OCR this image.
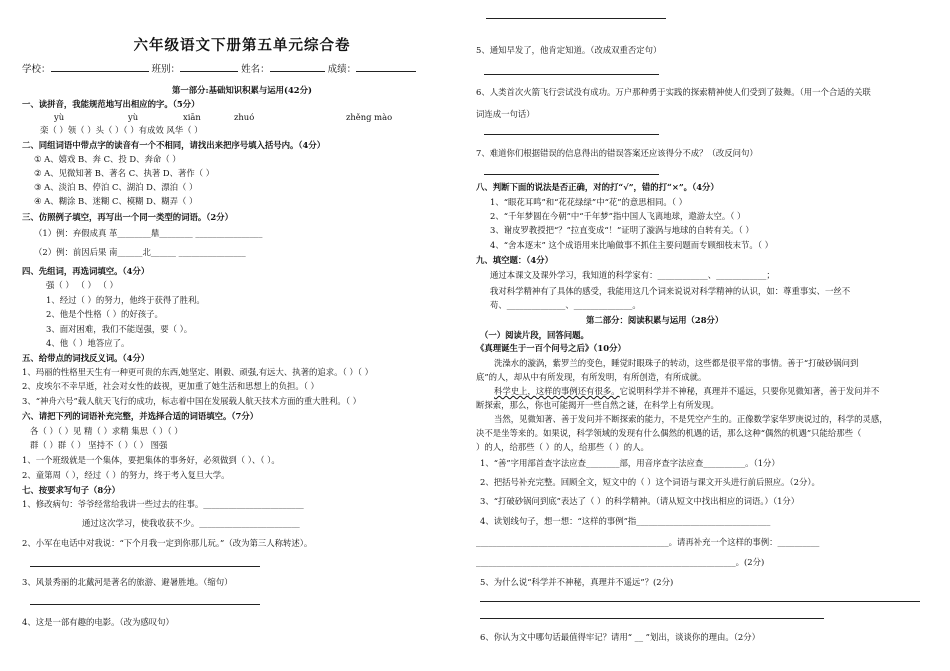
六年级语文下册第五单元综合卷
学校：	班别：	姓名：	成绩：
第一部分:基础知识积累与运用(42分)
一、读拼音，我能规范地写出相应的字。（5分）
yù	yù	xiān	zhuó	zhěng mào
栾（ ）领（ ）头（ ）（ ）有成效 风华（ ）
二、同组词语中带点字的读音有一个不相同，请找出来把序号填入括号内。（4分）
① A、嬉戏 B、奔 C、投 D、奔命（ ）
② A、见微知著 B、著名 C、执著 D、著作（ ）
③ A、淡泊 B、停泊 C、湖泊 D、漂泊（ ）
④ A、糊涂 B、迷糊 C、模糊 D、糊弄（ ）
三、仿照例子填空，再写出一个同一类型的词语。（2分）
（1）例：弃假成真 革________鼎________ ________________
（2）例：前因后果 南______北______ ________________
四、先组词，再选词填空。（4分）
强（ ） （ ） （ ）
1、经过（ ）的努力，他终于获得了胜利。
2、他是个性格（ ）的好孩子。
3、面对困难，我们不能逞强，要（ ）。
4、他（ ）地答应了。
五、给带点的词找反义词。（4分）
1、玛丽的性格里天生有一种更可贵的东西,她坚定、刚毅、顽强,有远大、执著的追求。（ ）（ ）
2、皮埃尔不幸早逝，社会对女性的歧视，更加重了她生活和思想上的负担。（ ）
3、“神舟六号”载人航天飞行的成功，标志着中国在发展载人航天技术方面的重大胜利。（ ）
六、请把下列的词语补充完整，并选择合适的词语填空。（7分）
各（ ）（ ）见 精（ ）求精 集思（ ）（ ）
群（ ）群（ ） 坚持不（ ）（ ） 图强
1、一个班级就是一个集体，要把集体的事务好，必须做到（ ）、（ ）。
2、童第周（ ），经过（ ）的努力，终于考入复旦大学。
七、按要求写句子（8分）
1、修改病句：爷爷经常给我讲一些过去的往事。________________________
通过这次学习，使我收获不少。________________________
2、小军在电话中对我说：“下个月我一定到你那儿玩。”（改为第三人称转述）。
3、风景秀丽的北戴河是著名的旅游、避暑胜地。（缩句）
4、这是一部有趣的电影。（改为感叹句）
5、通知早发了，他肯定知道。（改成双重否定句）
6、人类首次火箭飞行尝试没有成功。万户那种勇于实践的探索精神使人们受到了鼓舞。（用一个合适的关联
词连成一句话）
7、难道你们根据错误的信息得出的错误答案还应该得分不成？（改反问句）
八、判断下面的说法是否正确，对的打“√”，错的打“×”。（4分）
1、“眼花耳鸣”和“花花绿绿”中“花”的意思相同。（ ）
2、“千年梦圆在今朝”中“千年梦”指中国人飞离地球，遨游太空。（ ）
3、谢皮罗教授把“？”拉直变成“！”证明了漩涡与地球的自转有关。（ ）
4、“舍本逐末” 这个成语用来比喻做事不抓住主要问题而专顾细枝末节。（ ）
九、填空题：（4分）
通过本课文及课外学习，我知道的科学家有：____________、____________；
我对科学精神有了具体的感受，我能用这几个词来说说对科学精神的认识，如：尊重事实、一丝不
苟、______________、______________。
第二部分：阅读积累与运用（28分）
（一）阅读片段，回答问题。
《真理诞生于一百个问号之后》（10分）
洗澡水的漩涡，紫罗兰的变色，睡觉时眼珠子的转动，这些都是很平常的事情。善于“打破砂锅问到
底”的人，却从中有所发现，有所发明，有所创造，有所成就。
科学史上，这样的事例还有很多。它说明科学并不神秘，真理并不遥远，只要你见微知著，善于发问并不
断探索，那么，你也可能揭开一些自然之谜，在科学上有所发现。
当然，见微知著、善于发问并不断探索的能力，不是凭空产生的。正像数学家华罗庚说过的，科学的灵感，
决不是坐等来的。如果说，科学领域的发现有什么偶然的机遇的话，那么这种“偶然的机遇”只能给那些（
）的人，给那些（ ）的人，给那些（ ）的人。
1、“善”字用部首查字法应查________部，用音序查字法应查__________。（1分）
2、把括号补充完整。回顾全文，短文中的（ ）这个词语与课文开头进行前后照应。（2分）。
3、“打破砂锅问到底”表达了（ ）的科学精神。（请从短文中找出相应的词语。）（1分）
4、读划线句子，想一想：“这样的事例”指________________________________
______________________________________________。请再补充一个这样的事例：__________
______________________________________________________________。(2分)
5、为什么说“科学并不神秘，真理并不遥远”？(2分)
6、你认为文中哪句话最值得牢记？请用“ __ ”划出，谈谈你的理由。（2分）
